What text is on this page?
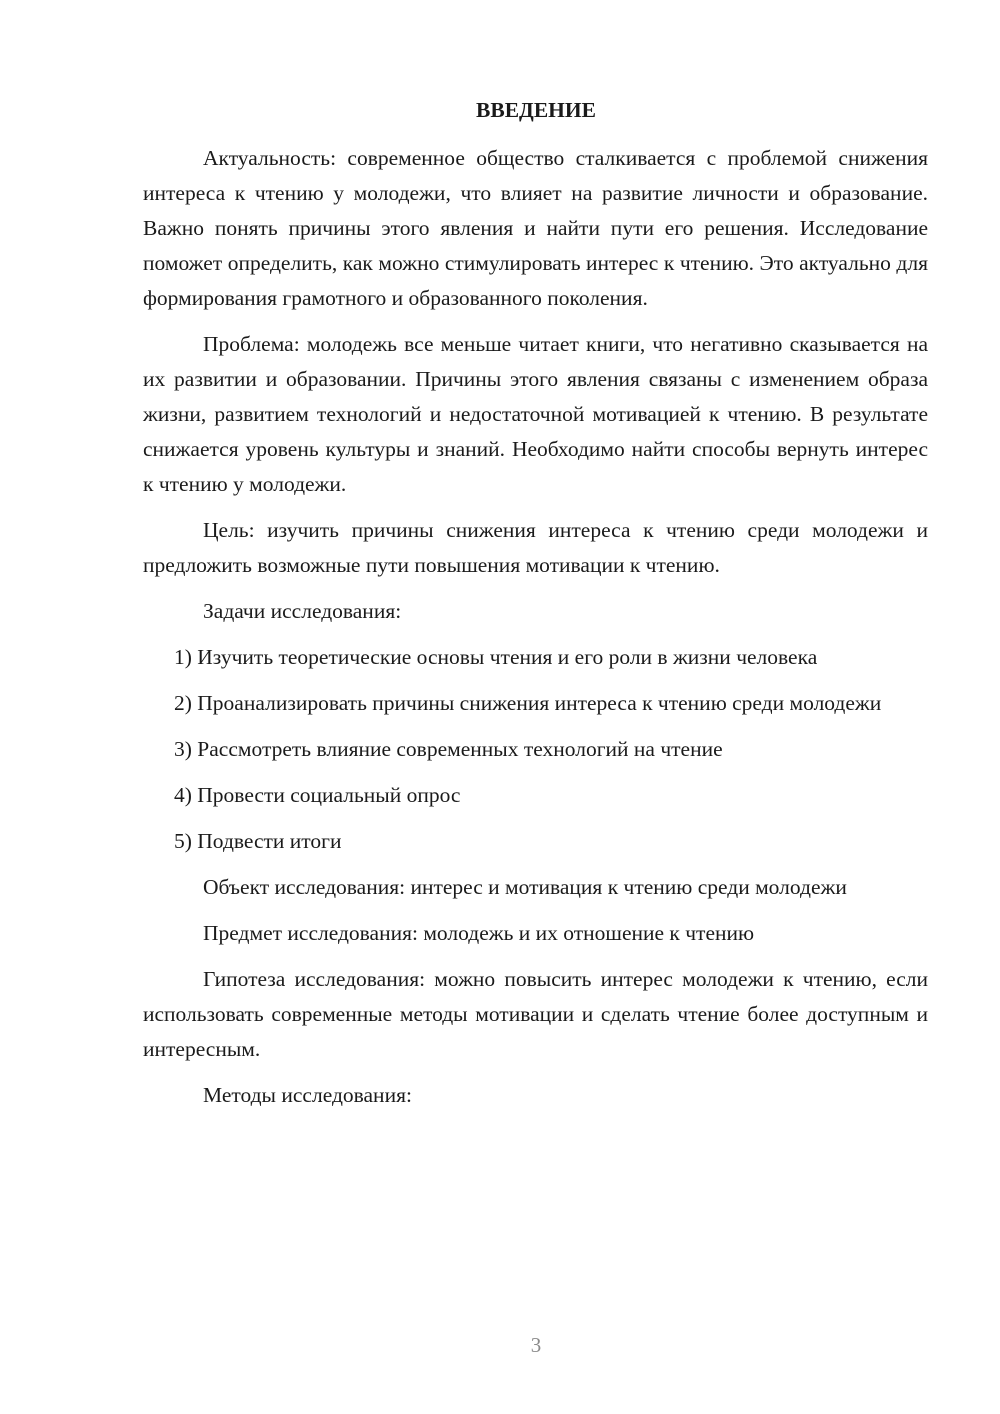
ВВЕДЕНИЕ

Актуальность: современное общество сталкивается с проблемой снижения интереса к чтению у молодежи, что влияет на развитие личности и образование. Важно понять причины этого явления и найти пути его решения. Исследование поможет определить, как можно стимулировать интерес к чтению. Это актуально для формирования грамотного и образованного поколения.

Проблема: молодежь все меньше читает книги, что негативно сказывается на их развитии и образовании. Причины этого явления связаны с изменением образа жизни, развитием технологий и недостаточной мотивацией к чтению. В результате снижается уровень культуры и знаний. Необходимо найти способы вернуть интерес к чтению у молодежи.

Цель: изучить причины снижения интереса к чтению среди молодежи и предложить возможные пути повышения мотивации к чтению.

Задачи исследования:

1) Изучить теоретические основы чтения и его роли в жизни человека

2) Проанализировать причины снижения интереса к чтению среди молодежи

3) Рассмотреть влияние современных технологий на чтение

4) Провести социальный опрос

5) Подвести итоги

Объект исследования: интерес и мотивация к чтению среди молодежи

Предмет исследования: молодежь и их отношение к чтению

Гипотеза исследования: можно повысить интерес молодежи к чтению, если использовать современные методы мотивации и сделать чтение более доступным и интересным.

Методы исследования:

3
